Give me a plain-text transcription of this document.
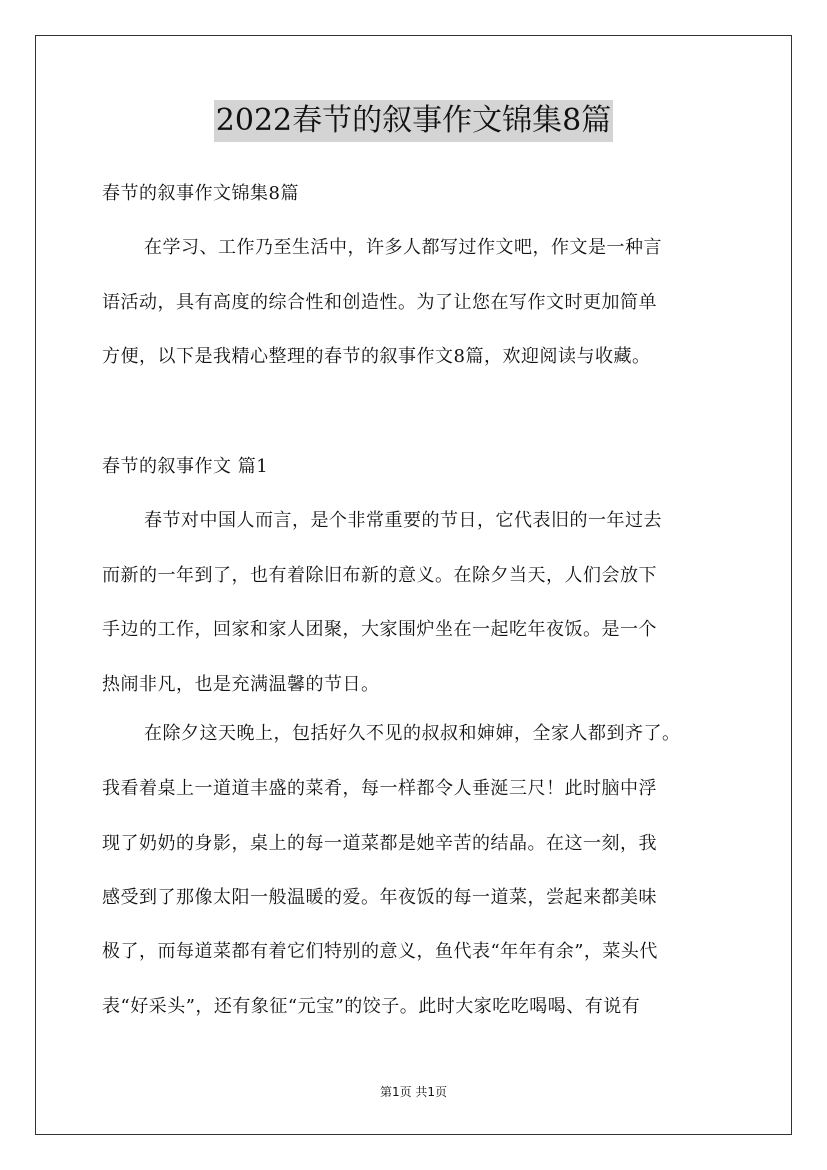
2022春节的叙事作文锦集8篇
春节的叙事作文锦集8篇
在学习、工作乃至生活中，许多人都写过作文吧，作文是一种言
语活动，具有高度的综合性和创造性。为了让您在写作文时更加简单
方便，以下是我精心整理的春节的叙事作文8篇，欢迎阅读与收藏。
春节的叙事作文 篇1
春节对中国人而言，是个非常重要的节日，它代表旧的一年过去
而新的一年到了，也有着除旧布新的意义。在除夕当天，人们会放下
手边的工作，回家和家人团聚，大家围炉坐在一起吃年夜饭。是一个
热闹非凡，也是充满温馨的节日。
在除夕这天晚上，包括好久不见的叔叔和婶婶，全家人都到齐了。
我看着桌上一道道丰盛的菜肴，每一样都令人垂涎三尺！此时脑中浮
现了奶奶的身影，桌上的每一道菜都是她辛苦的结晶。在这一刻，我
感受到了那像太阳一般温暖的爱。年夜饭的每一道菜，尝起来都美味
极了，而每道菜都有着它们特别的意义，鱼代表“年年有余”，菜头代
表“好采头”，还有象征“元宝”的饺子。此时大家吃吃喝喝、有说有
第1页 共1页
